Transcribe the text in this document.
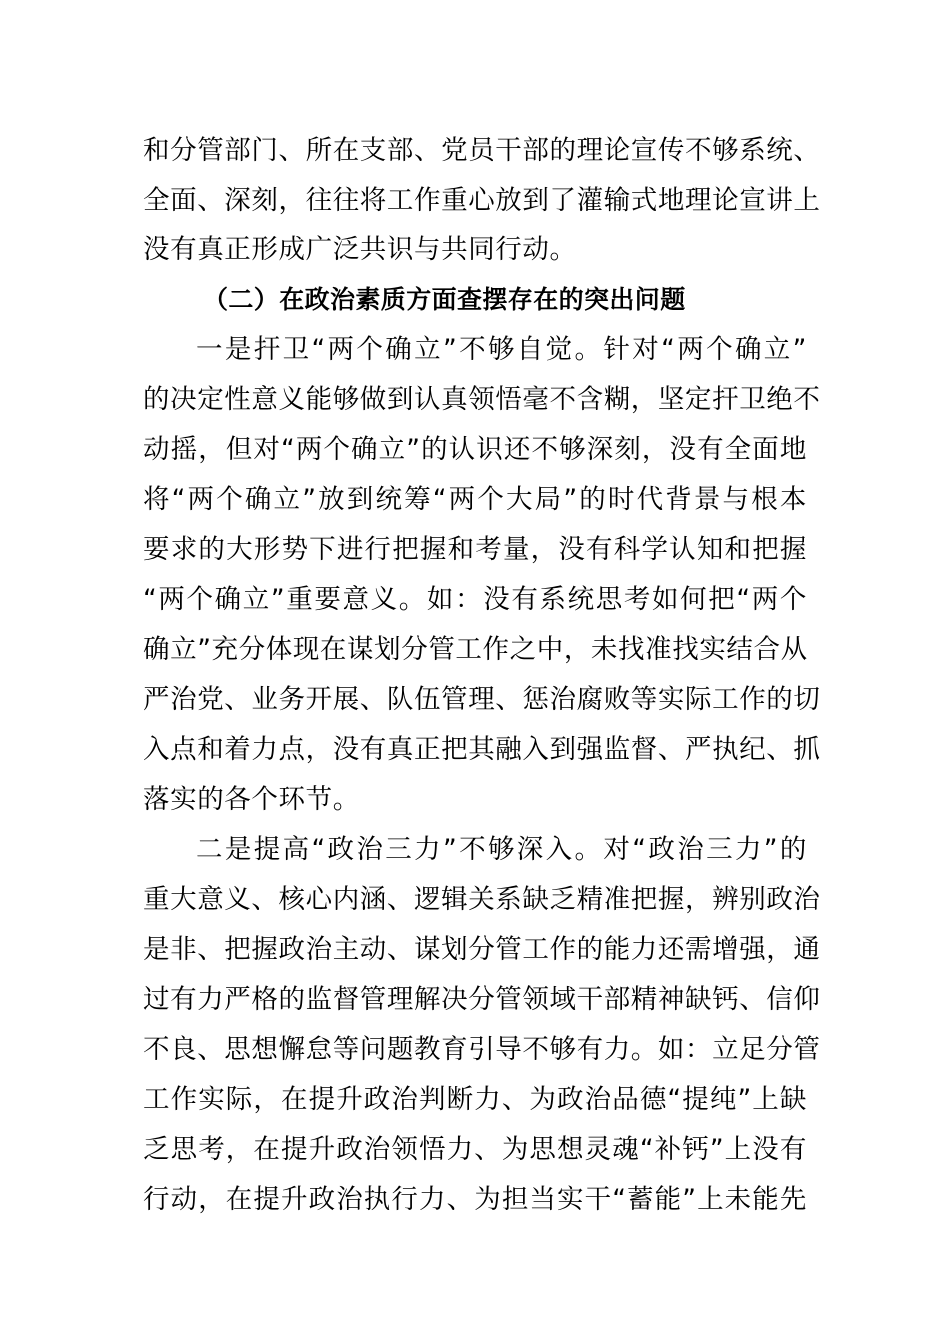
和分管部门、所在支部、党员干部的理论宣传不够系统、
全面、深刻，往往将工作重心放到了灌输式地理论宣讲上
没有真正形成广泛共识与共同行动。
（二）在政治素质方面查摆存在的突出问题
一是扞卫“两个确立”不够自觉。针对“两个确立”
的决定性意义能够做到认真领悟毫不含糊，坚定扞卫绝不
动摇，但对“两个确立”的认识还不够深刻，没有全面地
将“两个确立”放到统筹“两个大局”的时代背景与根本
要求的大形势下进行把握和考量，没有科学认知和把握
“两个确立”重要意义。如：没有系统思考如何把“两个
确立”充分体现在谋划分管工作之中，未找准找实结合从
严治党、业务开展、队伍管理、惩治腐败等实际工作的切
入点和着力点，没有真正把其融入到强监督、严执纪、抓
落实的各个环节。
二是提高“政治三力”不够深入。对“政治三力”的
重大意义、核心内涵、逻辑关系缺乏精准把握，辨别政治
是非、把握政治主动、谋划分管工作的能力还需增强，通
过有力严格的监督管理解决分管领域干部精神缺钙、信仰
不良、思想懈怠等问题教育引导不够有力。如：立足分管
工作实际，在提升政治判断力、为政治品德“提纯”上缺
乏思考，在提升政治领悟力、为思想灵魂“补钙”上没有
行动，在提升政治执行力、为担当实干“蓄能”上未能先
